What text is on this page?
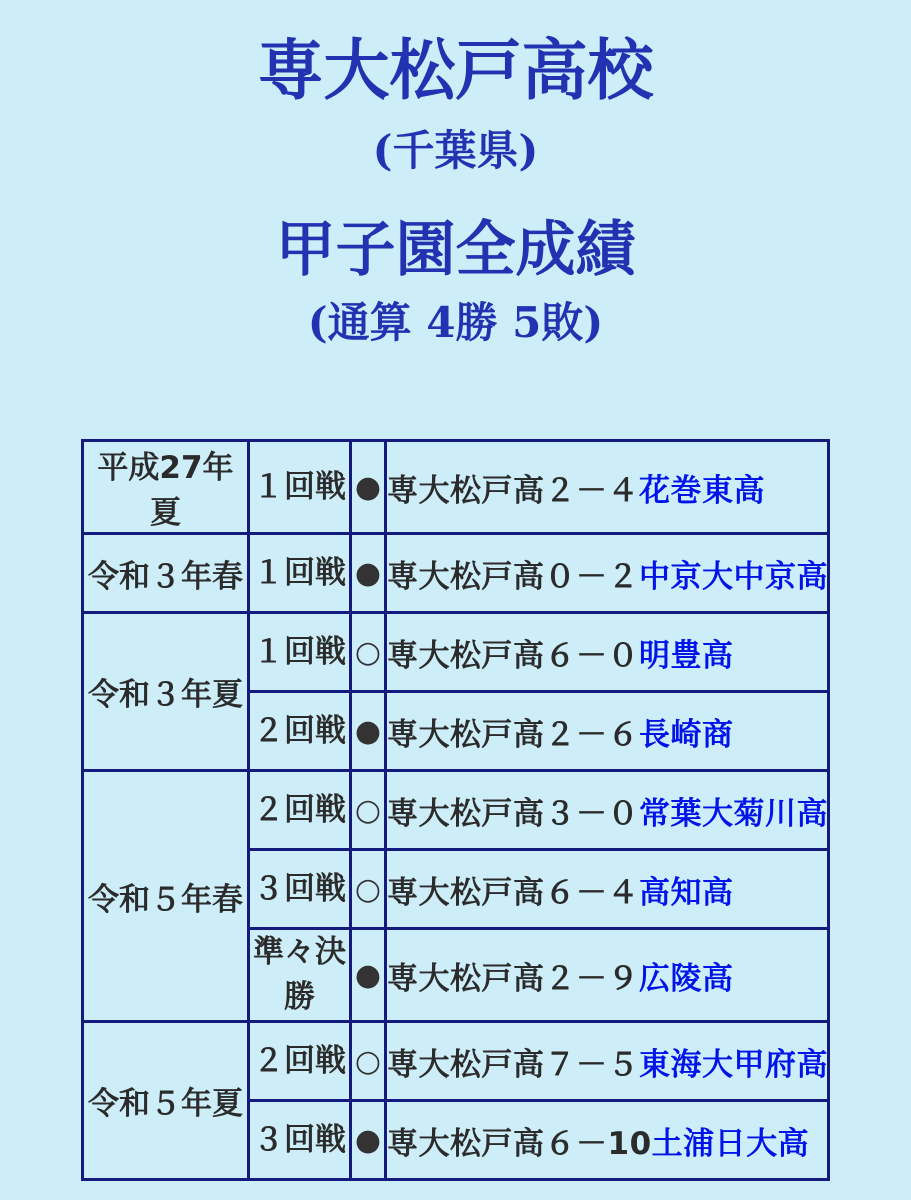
専大松戸高校
(千葉県)
甲子園全成績
(通算 4勝 5敗)
平成27年夏	１回戦	●	専大松戸高２－４花巻東高
令和３年春	１回戦	●	専大松戸高０－２中京大中京高
令和３年夏	１回戦	○	専大松戸高６－０明豊高
	２回戦	●	専大松戸高２－６長崎商
令和５年春	２回戦	○	専大松戸高３－０常葉大菊川高
	３回戦	○	専大松戸高６－４高知高
	準々決勝	●	専大松戸高２－９広陵高
令和５年夏	２回戦	○	専大松戸高７－５東海大甲府高
	３回戦	●	専大松戸高６－10土浦日大高
